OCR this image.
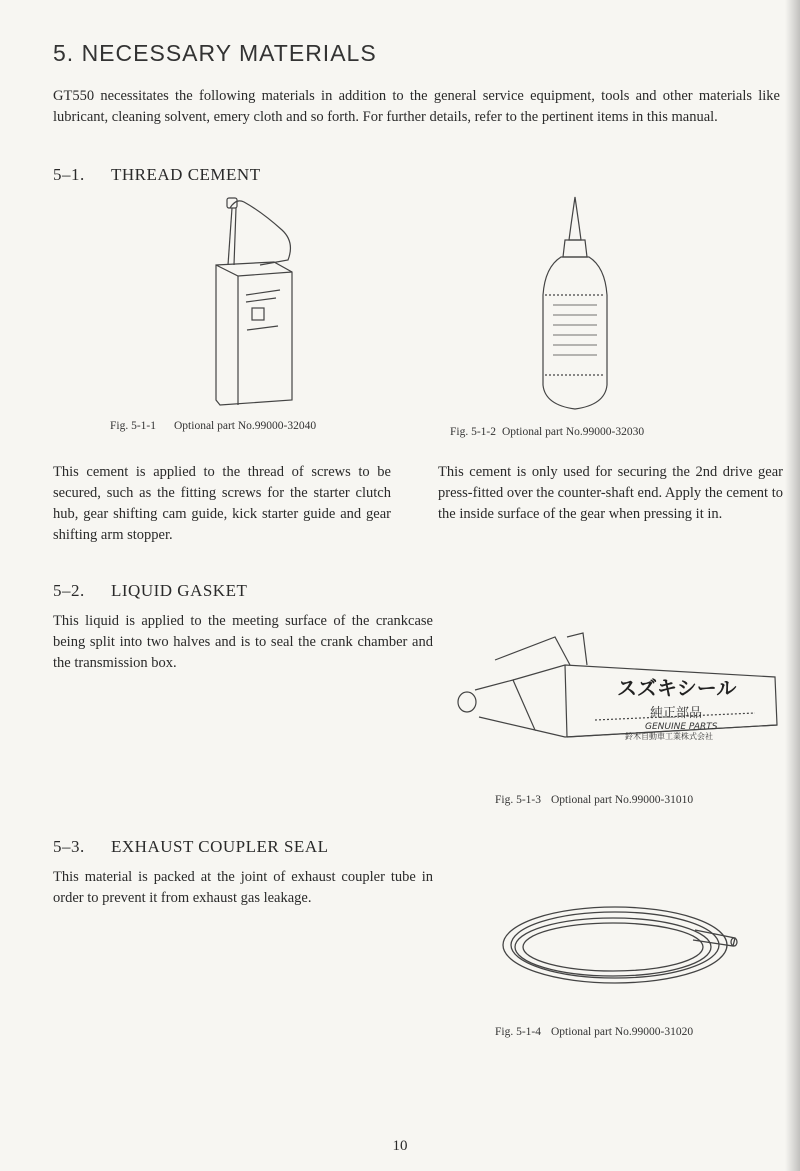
5. NECESSARY MATERIALS

GT550 necessitates the following materials in addition to the general service equipment, tools and other materials like lubricant, cleaning solvent, emery cloth and so forth. For further details, refer to the pertinent items in this manual.

5–1. THREAD CEMENT
Fig. 5-1-1 Optional part No.99000-32040	Fig. 5-1-2 Optional part No.99000-32030

This cement is applied to the thread of screws to be secured, such as the fitting screws for the starter clutch hub, gear shifting cam guide, kick starter guide and gear shifting arm stopper.

This cement is only used for securing the 2nd drive gear press-fitted over the counter-shaft end. Apply the cement to the inside surface of the gear when pressing it in.

5–2. LIQUID GASKET

This liquid is applied to the meeting surface of the crankcase being split into two halves and is to seal the crank chamber and the transmission box.

スズキシール
純正部品
GENUINE PARTS
鈴木自動車工業株式会社
Fig. 5-1-3 Optional part No.99000-31010
5–3. EXHAUST COUPLER SEAL

This material is packed at the joint of exhaust coupler tube in order to prevent it from exhaust gas leakage.

Fig. 5-1-4 Optional part No.99000-31020
10
